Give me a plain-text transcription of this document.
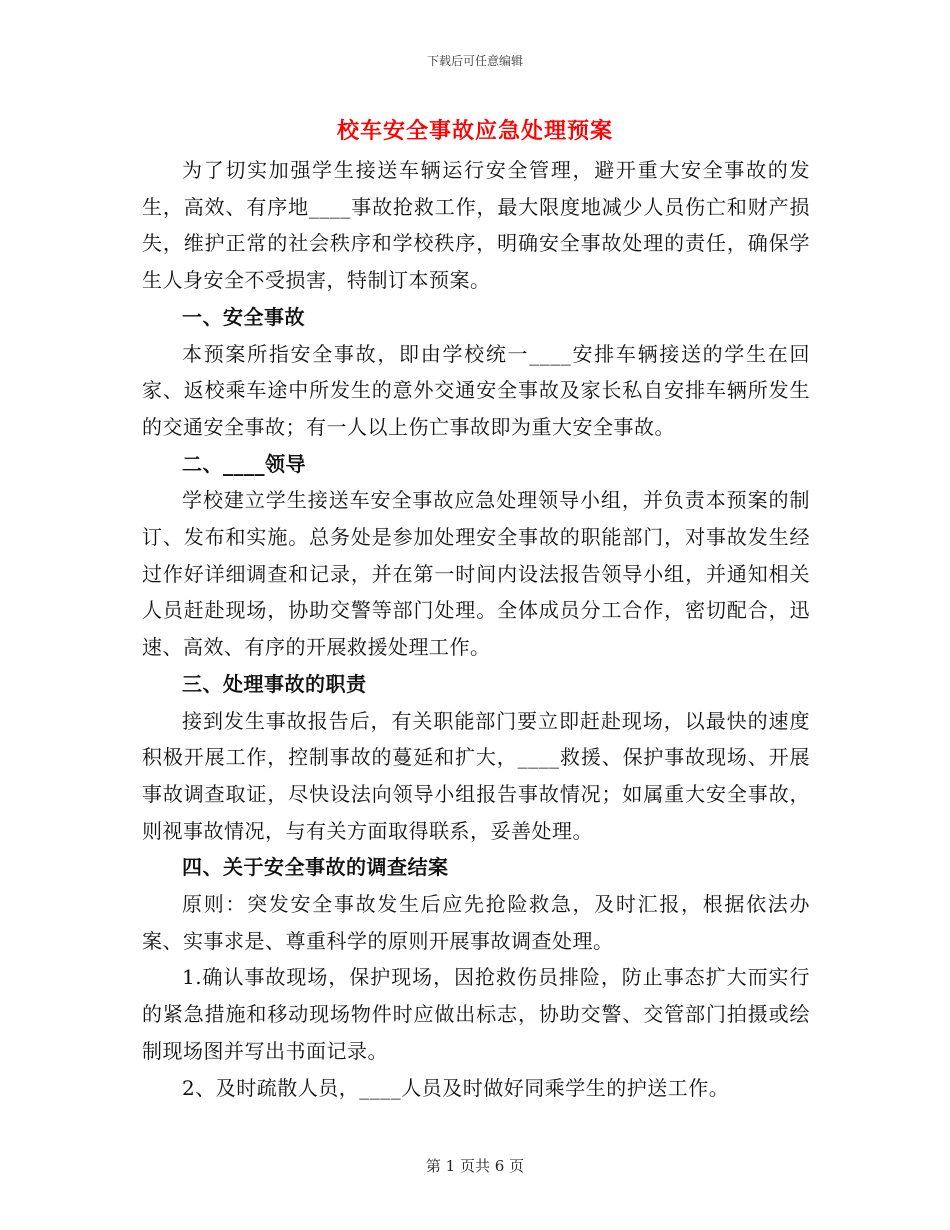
下载后可任意编辑
校车安全事故应急处理预案

为了切实加强学生接送车辆运行安全管理，避开重大安全事故的发生，高效、有序地____事故抢救工作，最大限度地减少人员伤亡和财产损失，维护正常的社会秩序和学校秩序，明确安全事故处理的责任，确保学生人身安全不受损害，特制订本预案。

一、安全事故

本预案所指安全事故，即由学校统一____安排车辆接送的学生在回家、返校乘车途中所发生的意外交通安全事故及家长私自安排车辆所发生的交通安全事故；有一人以上伤亡事故即为重大安全事故。

二、____领导

学校建立学生接送车安全事故应急处理领导小组，并负责本预案的制订、发布和实施。总务处是参加处理安全事故的职能部门，对事故发生经过作好详细调查和记录，并在第一时间内设法报告领导小组，并通知相关人员赶赴现场，协助交警等部门处理。全体成员分工合作，密切配合，迅速、高效、有序的开展救援处理工作。

三、处理事故的职责

接到发生事故报告后，有关职能部门要立即赶赴现场，以最快的速度积极开展工作，控制事故的蔓延和扩大，____救援、保护事故现场、开展事故调查取证，尽快设法向领导小组报告事故情况；如属重大安全事故，则视事故情况，与有关方面取得联系，妥善处理。

四、关于安全事故的调查结案

原则：突发安全事故发生后应先抢险救急，及时汇报，根据依法办案、实事求是、尊重科学的原则开展事故调查处理。

1.确认事故现场，保护现场，因抢救伤员排险，防止事态扩大而实行的紧急措施和移动现场物件时应做出标志，协助交警、交管部门拍摄或绘制现场图并写出书面记录。

2、及时疏散人员，____人员及时做好同乘学生的护送工作。

第 1 页共 6 页
